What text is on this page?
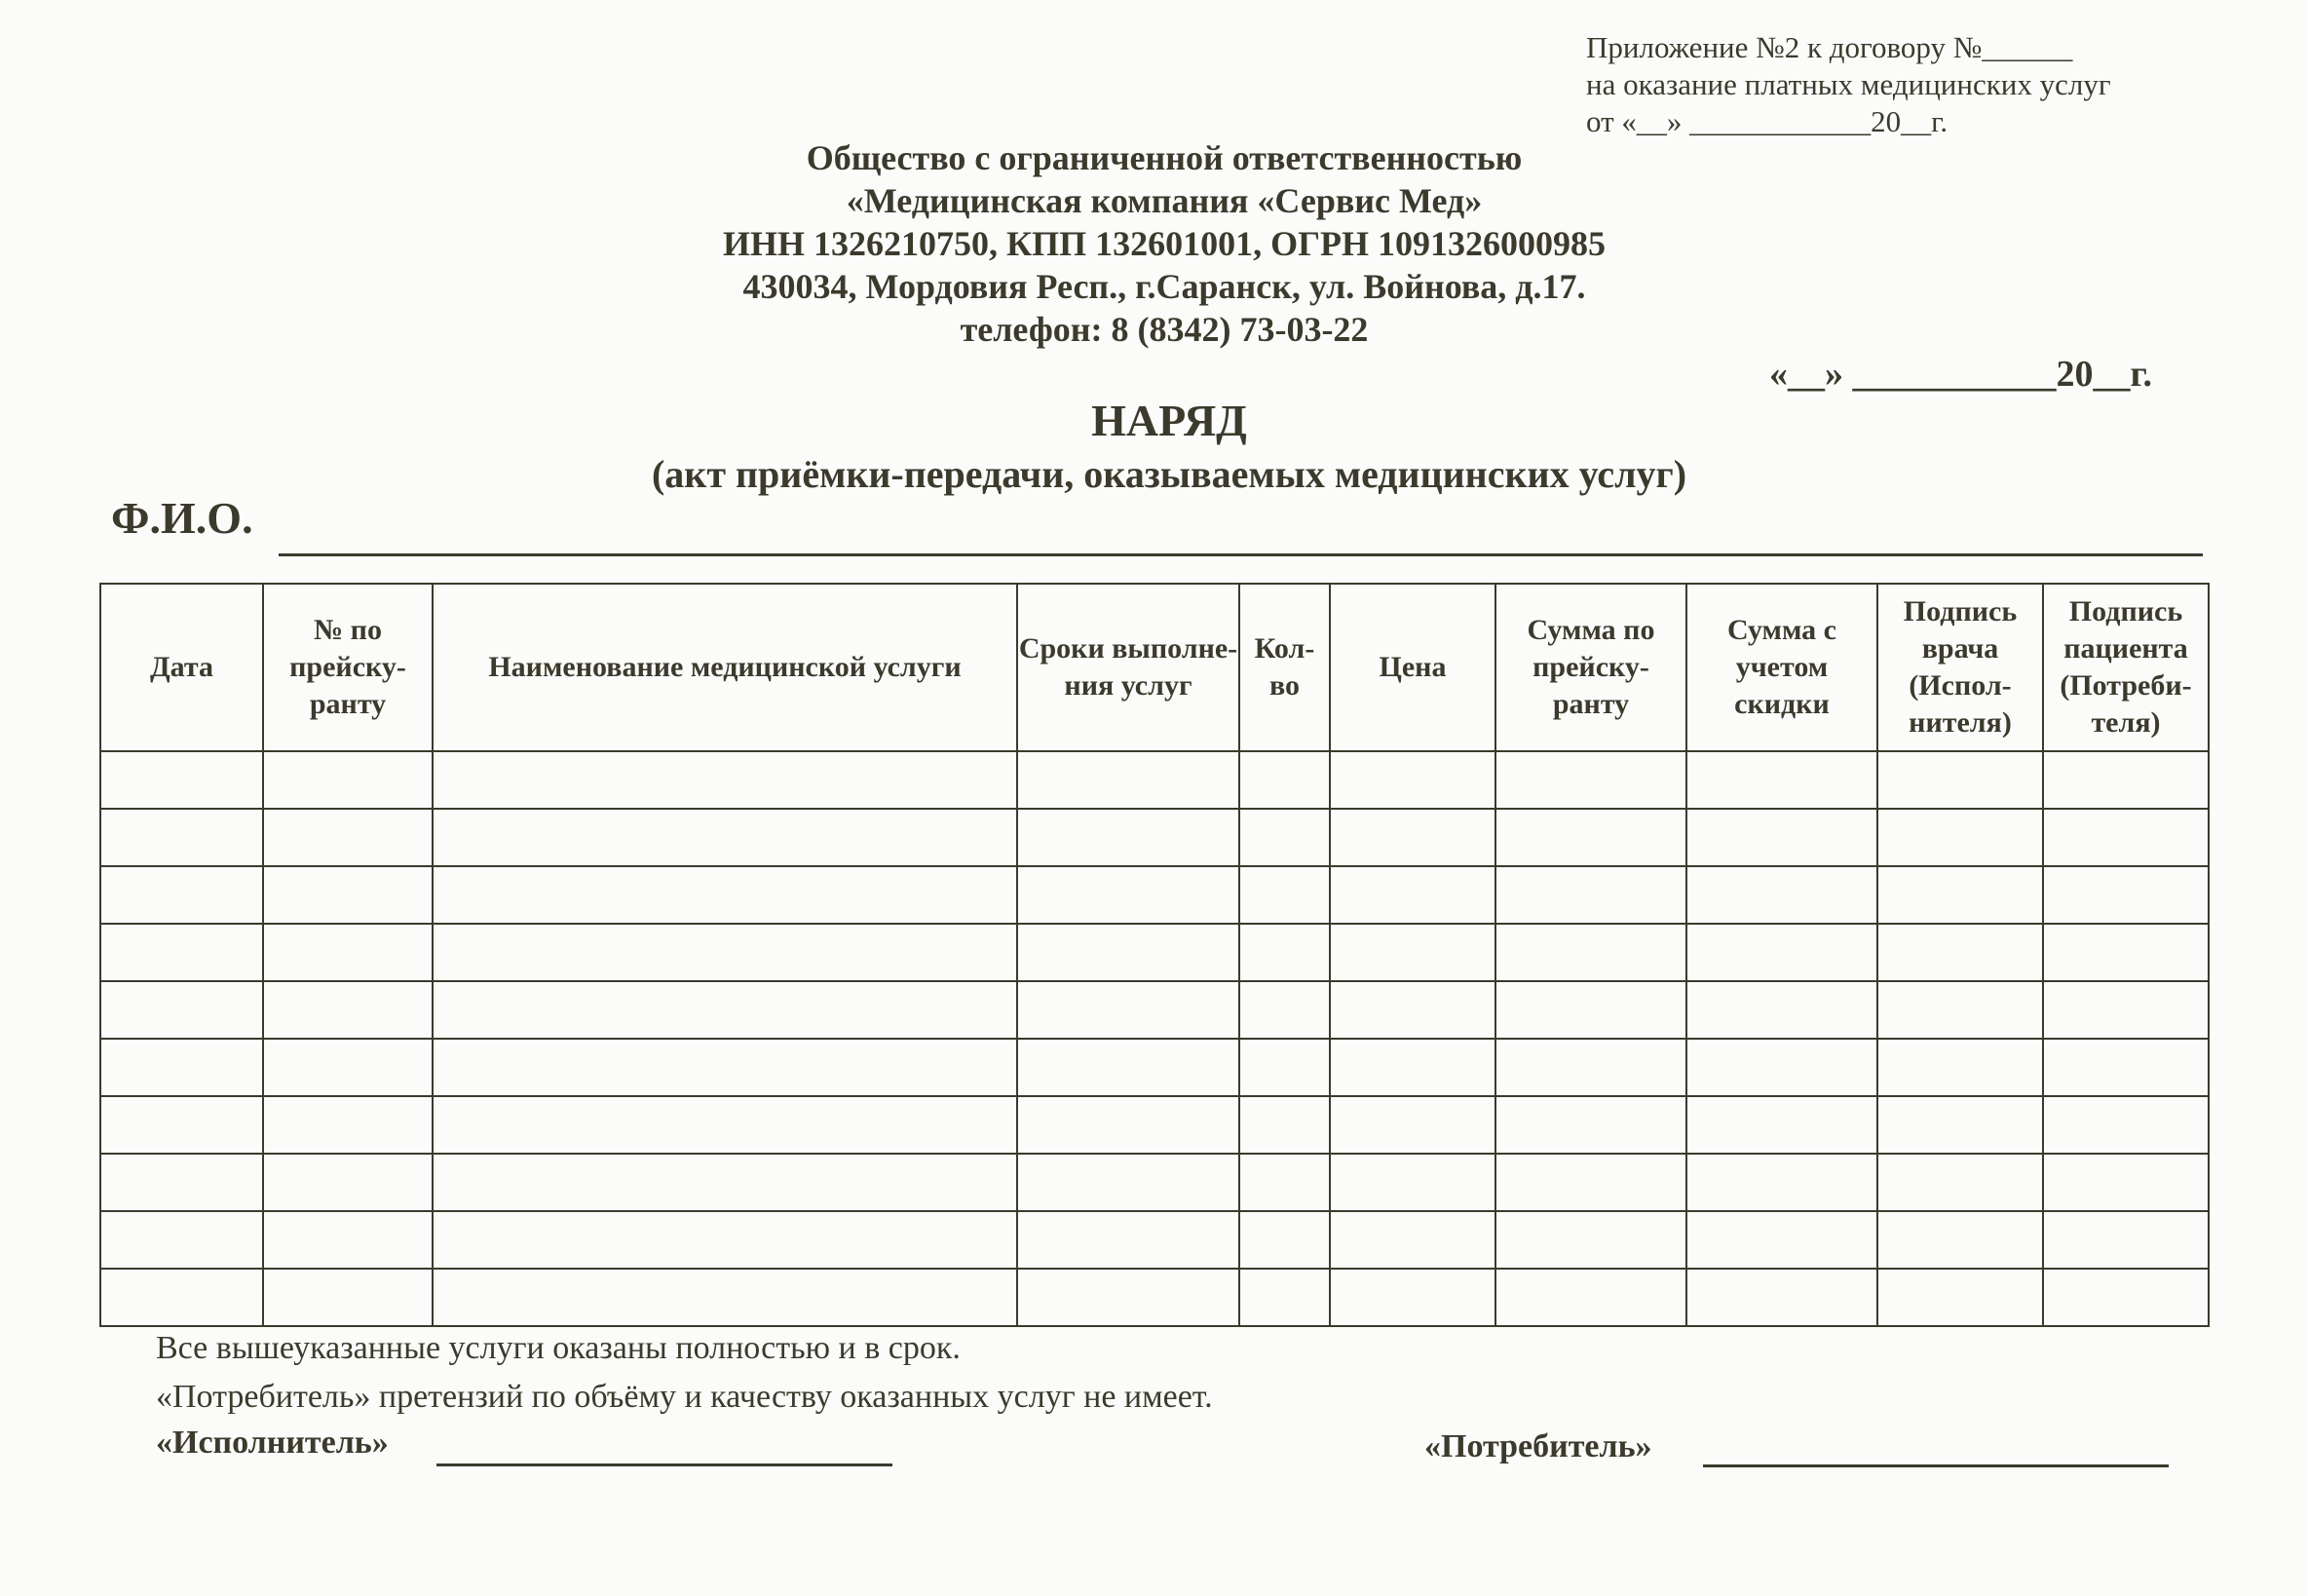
Приложение №2 к договору №______
на оказание платных медицинских услуг
от «__» ____________20__г.
Общество с ограниченной ответственностью
«Медицинская компания «Сервис Мед»
ИНН 1326210750, КПП 132601001, ОГРН 1091326000985
430034, Мордовия Респ., г.Саранск, ул. Войнова, д.17.
телефон: 8 (8342) 73-03-22
«__» ___________20__г.
НАРЯД
(акт приёмки-передачи, оказываемых медицинских услуг)
Ф.И.О.
Дата	№ по прейску-ранту	Наименование медицинской услуги	Сроки выполне-ния услуг	Кол-во	Цена	Сумма по прейску-ранту	Сумма с учетом скидки	Подпись врача (Испол-нителя)	Подпись пациента (Потреби-теля)

Все вышеуказанные услуги оказаны полностью и в срок.
«Потребитель» претензий по объёму и качеству оказанных услуг не имеет.
«Исполнитель»	«Потребитель»
